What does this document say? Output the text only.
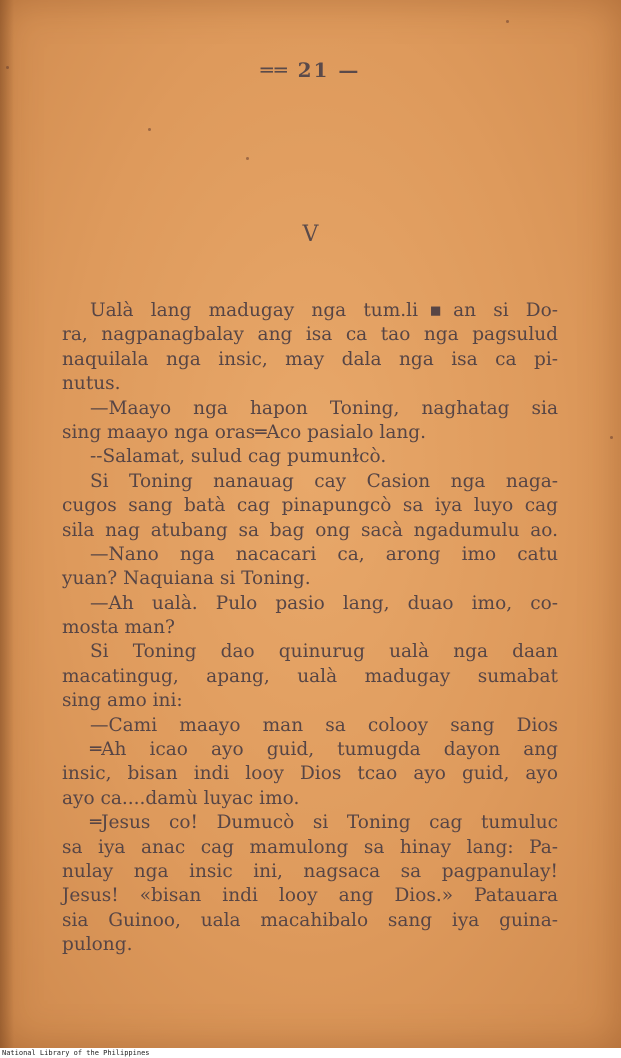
══ 21 —
V
Ualà lang madugay nga tum.li▪an si Do-
ra, nagpanagbalay ang isa ca tao nga pagsulud
naquilala nga insic, may dala nga isa ca pi-
nutus.
—Maayo nga hapon Toning, naghatag sia
sing maayo nga oras═Aco pasialo lang.
--Salamat, sulud cag pumunɫcò.
Si Toning nanauag cay Casion nga naga-
cugos sang batà cag pinapungcò sa iya luyo cag
sila nag atubang sa bag ong sacà ngadumulu ao.
—Nano nga nacacari ca, arong imo catu
yuan? Naquiana si Toning.
—Ah ualà. Pulo pasio lang, duao imo, co-
mosta man?
Si Toning dao quinurug ualà nga daan
macatingug, apang, ualà madugay sumabat
sing amo ini:
—Cami maayo man sa colooy sang Dios
═Ah icao ayo guid, tumugda dayon ang
insic, bisan indi looy Dios tcao ayo guid, ayo
ayo ca....damù luyac imo.
═Jesus co! Dumucò si Toning cag tumuluc
sa iya anac cag mamulong sa hinay lang: Pa-
nulay nga insic ini, nagsaca sa pagpanulay!
Jesus! «bisan indi looy ang Dios.» Patauara
sia Guinoo, uala macahibalo sang iya guina-
pulong.
National Library of the Philippines
